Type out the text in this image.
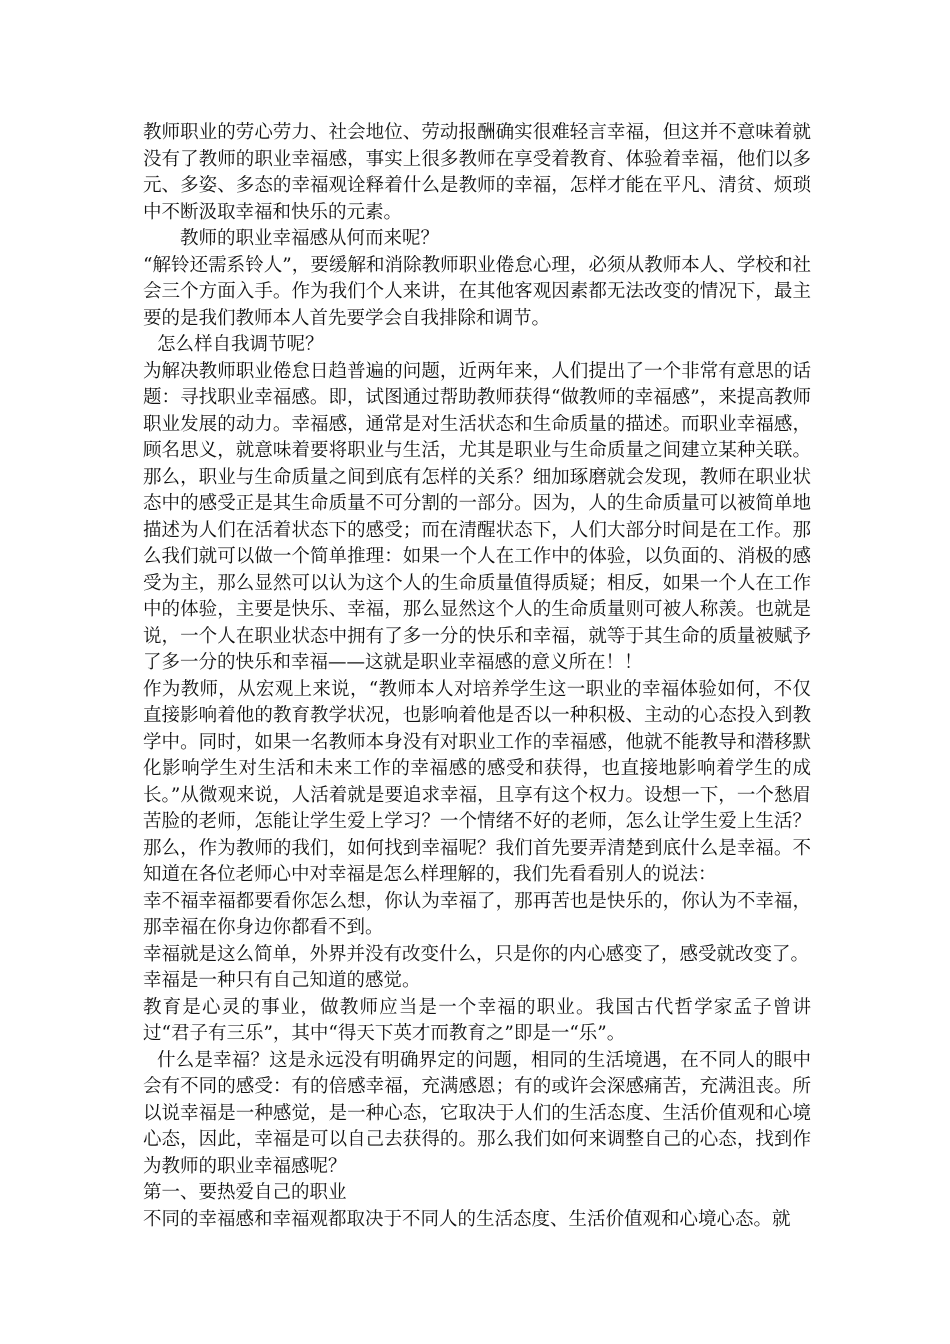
教师职业的劳心劳力、社会地位、劳动报酬确实很难轻言幸福，但这并不意味着就没有了教师的职业幸福感，事实上很多教师在享受着教育、体验着幸福，他们以多元、多姿、多态的幸福观诠释着什么是教师的幸福，怎样才能在平凡、清贫、烦琐中不断汲取幸福和快乐的元素。

教师的职业幸福感从何而来呢？

“解铃还需系铃人”，要缓解和消除教师职业倦怠心理，必须从教师本人、学校和社会三个方面入手。作为我们个人来讲，在其他客观因素都无法改变的情况下，最主要的是我们教师本人首先要学会自我排除和调节。

怎么样自我调节呢？

为解决教师职业倦怠日趋普遍的问题，近两年来，人们提出了一个非常有意思的话题：寻找职业幸福感。即，试图通过帮助教师获得“做教师的幸福感”，来提高教师职业发展的动力。幸福感，通常是对生活状态和生命质量的描述。而职业幸福感，顾名思义，就意味着要将职业与生活，尤其是职业与生命质量之间建立某种关联。那么，职业与生命质量之间到底有怎样的关系？细加琢磨就会发现，教师在职业状态中的感受正是其生命质量不可分割的一部分。因为，人的生命质量可以被简单地描述为人们在活着状态下的感受；而在清醒状态下，人们大部分时间是在工作。那么我们就可以做一个简单推理：如果一个人在工作中的体验，以负面的、消极的感受为主，那么显然可以认为这个人的生命质量值得质疑；相反，如果一个人在工作中的体验，主要是快乐、幸福，那么显然这个人的生命质量则可被人称羡。也就是说，一个人在职业状态中拥有了多一分的快乐和幸福，就等于其生命的质量被赋予了多一分的快乐和幸福——这就是职业幸福感的意义所在！！

作为教师，从宏观上来说，“教师本人对培养学生这一职业的幸福体验如何，不仅直接影响着他的教育教学状况，也影响着他是否以一种积极、主动的心态投入到教学中。同时，如果一名教师本身没有对职业工作的幸福感，他就不能教导和潜移默化影响学生对生活和未来工作的幸福感的感受和获得，也直接地影响着学生的成长。”从微观来说，人活着就是要追求幸福，且享有这个权力。设想一下，一个愁眉苦脸的老师，怎能让学生爱上学习？一个情绪不好的老师，怎么让学生爱上生活？那么，作为教师的我们，如何找到幸福呢？我们首先要弄清楚到底什么是幸福。不知道在各位老师心中对幸福是怎么样理解的，我们先看看别人的说法：

幸不福幸福都要看你怎么想，你认为幸福了，那再苦也是快乐的，你认为不幸福，那幸福在你身边你都看不到。

幸福就是这么简单，外界并没有改变什么，只是你的内心感变了，感受就改变了。

幸福是一种只有自己知道的感觉。

教育是心灵的事业，做教师应当是一个幸福的职业。我国古代哲学家孟子曾讲过“君子有三乐”，其中“得天下英才而教育之”即是一“乐”。

什么是幸福？这是永远没有明确界定的问题，相同的生活境遇，在不同人的眼中会有不同的感受：有的倍感幸福，充满感恩；有的或许会深感痛苦，充满沮丧。所以说幸福是一种感觉，是一种心态，它取决于人们的生活态度、生活价值观和心境心态，因此，幸福是可以自己去获得的。那么我们如何来调整自己的心态，找到作为教师的职业幸福感呢？

第一、要热爱自己的职业

不同的幸福感和幸福观都取决于不同人的生活态度、生活价值观和心境心态。就
